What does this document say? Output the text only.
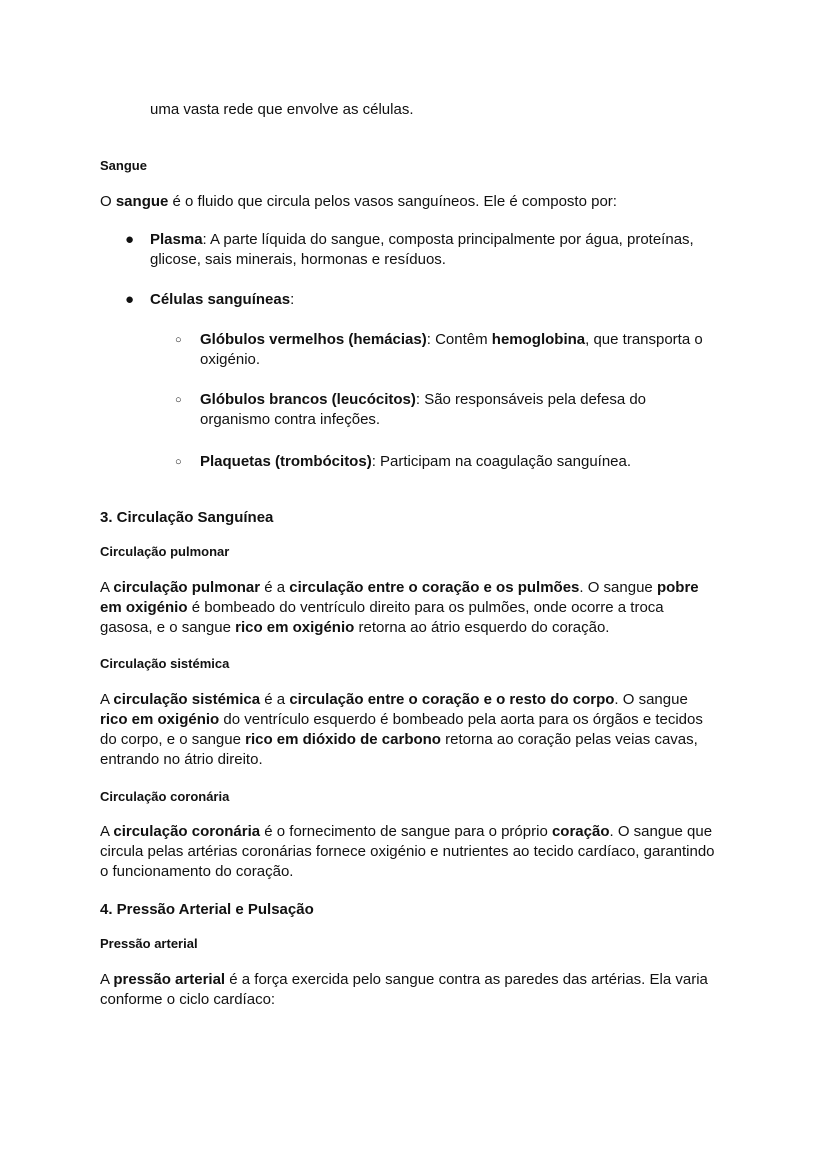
uma vasta rede que envolve as células.
Sangue
O sangue é o fluido que circula pelos vasos sanguíneos. Ele é composto por:
● Plasma: A parte líquida do sangue, composta principalmente por água, proteínas,
glicose, sais minerais, hormonas e resíduos.
● Células sanguíneas:
○ Glóbulos vermelhos (hemácias): Contêm hemoglobina, que transporta o
oxigénio.
○ Glóbulos brancos (leucócitos): São responsáveis pela defesa do
organismo contra infeções.
○ Plaquetas (trombócitos): Participam na coagulação sanguínea.
3. Circulação Sanguínea
Circulação pulmonar
A circulação pulmonar é a circulação entre o coração e os pulmões. O sangue pobre
em oxigénio é bombeado do ventrículo direito para os pulmões, onde ocorre a troca
gasosa, e o sangue rico em oxigénio retorna ao átrio esquerdo do coração.
Circulação sistémica
A circulação sistémica é a circulação entre o coração e o resto do corpo. O sangue
rico em oxigénio do ventrículo esquerdo é bombeado pela aorta para os órgãos e tecidos
do corpo, e o sangue rico em dióxido de carbono retorna ao coração pelas veias cavas,
entrando no átrio direito.
Circulação coronária
A circulação coronária é o fornecimento de sangue para o próprio coração. O sangue que
circula pelas artérias coronárias fornece oxigénio e nutrientes ao tecido cardíaco, garantindo
o funcionamento do coração.
4. Pressão Arterial e Pulsação
Pressão arterial
A pressão arterial é a força exercida pelo sangue contra as paredes das artérias. Ela varia
conforme o ciclo cardíaco:
